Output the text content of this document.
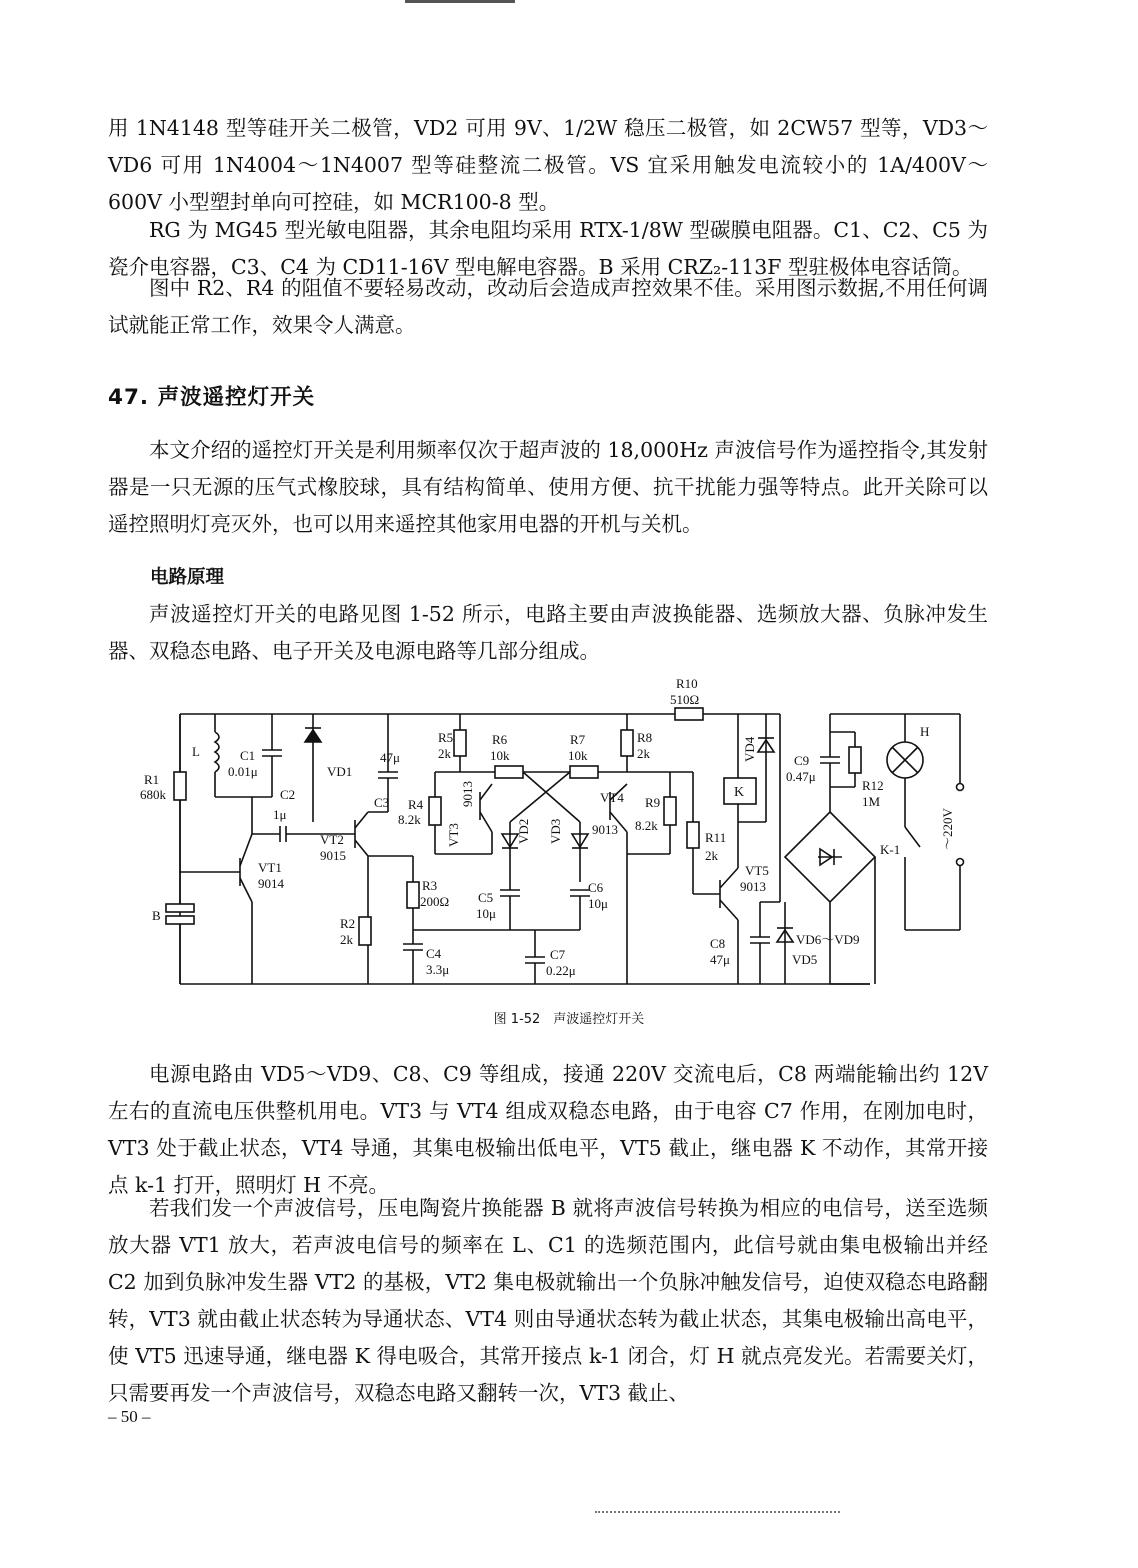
用 1N4148 型等硅开关二极管，VD2 可用 9V、1/2W 稳压二极管，如 2CW57 型等，VD3～VD6 可用 1N4004～1N4007 型等硅整流二极管。VS 宜采用触发电流较小的 1A/400V～600V 小型塑封单向可控硅，如 MCR100-8 型。

RG 为 MG45 型光敏电阻器，其余电阻均采用 RTX-1/8W 型碳膜电阻器。C1、C2、C5 为瓷介电容器，C3、C4 为 CD11-16V 型电解电容器。B 采用 CRZ₂-113F 型驻极体电容话筒。

图中 R2、R4 的阻值不要轻易改动，改动后会造成声控效果不佳。采用图示数据,不用任何调试就能正常工作，效果令人满意。

47. 声波遥控灯开关

本文介绍的遥控灯开关是利用频率仅次于超声波的 18,000Hz 声波信号作为遥控指令,其发射器是一只无源的压气式橡胶球，具有结构简单、使用方便、抗干扰能力强等特点。此开关除可以遥控照明灯亮灭外，也可以用来遥控其他家用电器的开机与关机。

电路原理

声波遥控灯开关的电路见图 1-52 所示，电路主要由声波换能器、选频放大器、负脉冲发生器、双稳态电路、电子开关及电源电路等几部分组成。

R1
680k
L	C1
0.01μ
C2
1μ
VD1
47μ
C3
VT1
9014
VT2
9015
B
R2
2k
R3
200Ω
C4
3.3μ
R4
8.2k
R5
2k
R6
10k
R7
10k
R8
2k
R9
8.2k
VT3
9013	VT4
9013
VD2 VD3
C5
10μ
C6
10μ
C7
0.22μ
R10
510Ω
R11
2k
VT5
9013
VD4
K
C8
47μ
C9
0.47μ
R12
1M
VD6～VD9
VD5
K-1
H
～220V

图 1-52　声波遥控灯开关

电源电路由 VD5～VD9、C8、C9 等组成，接通 220V 交流电后，C8 两端能输出约 12V 左右的直流电压供整机用电。VT3 与 VT4 组成双稳态电路，由于电容 C7 作用，在刚加电时，VT3 处于截止状态，VT4 导通，其集电极输出低电平，VT5 截止，继电器 K 不动作，其常开接点 k-1 打开，照明灯 H 不亮。

若我们发一个声波信号，压电陶瓷片换能器 B 就将声波信号转换为相应的电信号，送至选频放大器 VT1 放大，若声波电信号的频率在 L、C1 的选频范围内，此信号就由集电极输出并经 C2 加到负脉冲发生器 VT2 的基极，VT2 集电极就输出一个负脉冲触发信号，迫使双稳态电路翻转，VT3 就由截止状态转为导通状态、VT4 则由导通状态转为截止状态，其集电极输出高电平，使 VT5 迅速导通，继电器 K 得电吸合，其常开接点 k-1 闭合，灯 H 就点亮发光。若需要关灯，只需要再发一个声波信号，双稳态电路又翻转一次，VT3 截止、

– 50 –
